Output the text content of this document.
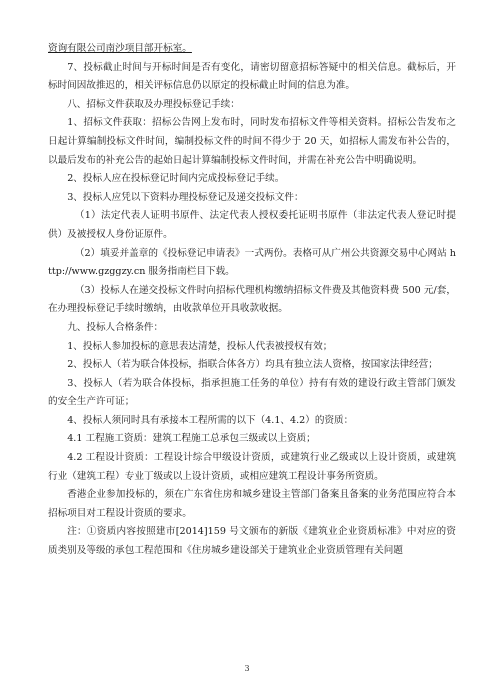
资询有限公司南沙项目部开标室。

7、投标截止时间与开标时间是否有变化，请密切留意招标答疑中的相关信息。截标后，开标时间因故推迟的，相关评标信息仍以原定的投标截止时间的信息为准。

八、招标文件获取及办理投标登记手续：

1、招标文件获取：招标公告网上发布时，同时发布招标文件等相关资料。招标公告发布之日起计算编制投标文件时间，编制投标文件的时间不得少于 20 天，如招标人需发布补公告的，以最后发布的补充公告的起始日起计算编制投标文件时间，并需在补充公告中明确说明。

2、投标人应在投标登记时间内完成投标登记手续。

3、投标人应凭以下资料办理投标登记及递交投标文件：

（1）法定代表人证明书原件、法定代表人授权委托证明书原件（非法定代表人登记时提供）及被授权人身份证原件。

（2）填妥并盖章的《投标登记申请表》一式两份。表格可从广州公共资源交易中心网站 http://www.gzggzy.cn 服务指南栏目下载。

（3）投标人在递交投标文件时向招标代理机构缴纳招标文件费及其他资料费 500 元/套，在办理投标登记手续时缴纳，由收款单位开具收款收据。

九、投标人合格条件：

1、投标人参加投标的意思表达清楚，投标人代表被授权有效；

2、投标人（若为联合体投标，指联合体各方）均具有独立法人资格，按国家法律经营；

3、投标人（若为联合体投标，指承担施工任务的单位）持有有效的建设行政主管部门颁发的安全生产许可证；

4、投标人须同时具有承接本工程所需的以下（4.1、4.2）的资质：

4.1 工程施工资质：建筑工程施工总承包三级或以上资质；

4.2 工程设计资质：工程设计综合甲级设计资质，或建筑行业乙级或以上设计资质，或建筑行业（建筑工程）专业丁级或以上设计资质，或相应建筑工程设计事务所资质。

香港企业参加投标的，须在广东省住房和城乡建设主管部门备案且备案的业务范围应符合本招标项目对工程设计资质的要求。

注：①资质内容按照建市[2014]159 号文颁布的新版《建筑业企业资质标准》中对应的资质类别及等级的承包工程范围和《住房城乡建设部关于建筑业企业资质管理有关问题

3
